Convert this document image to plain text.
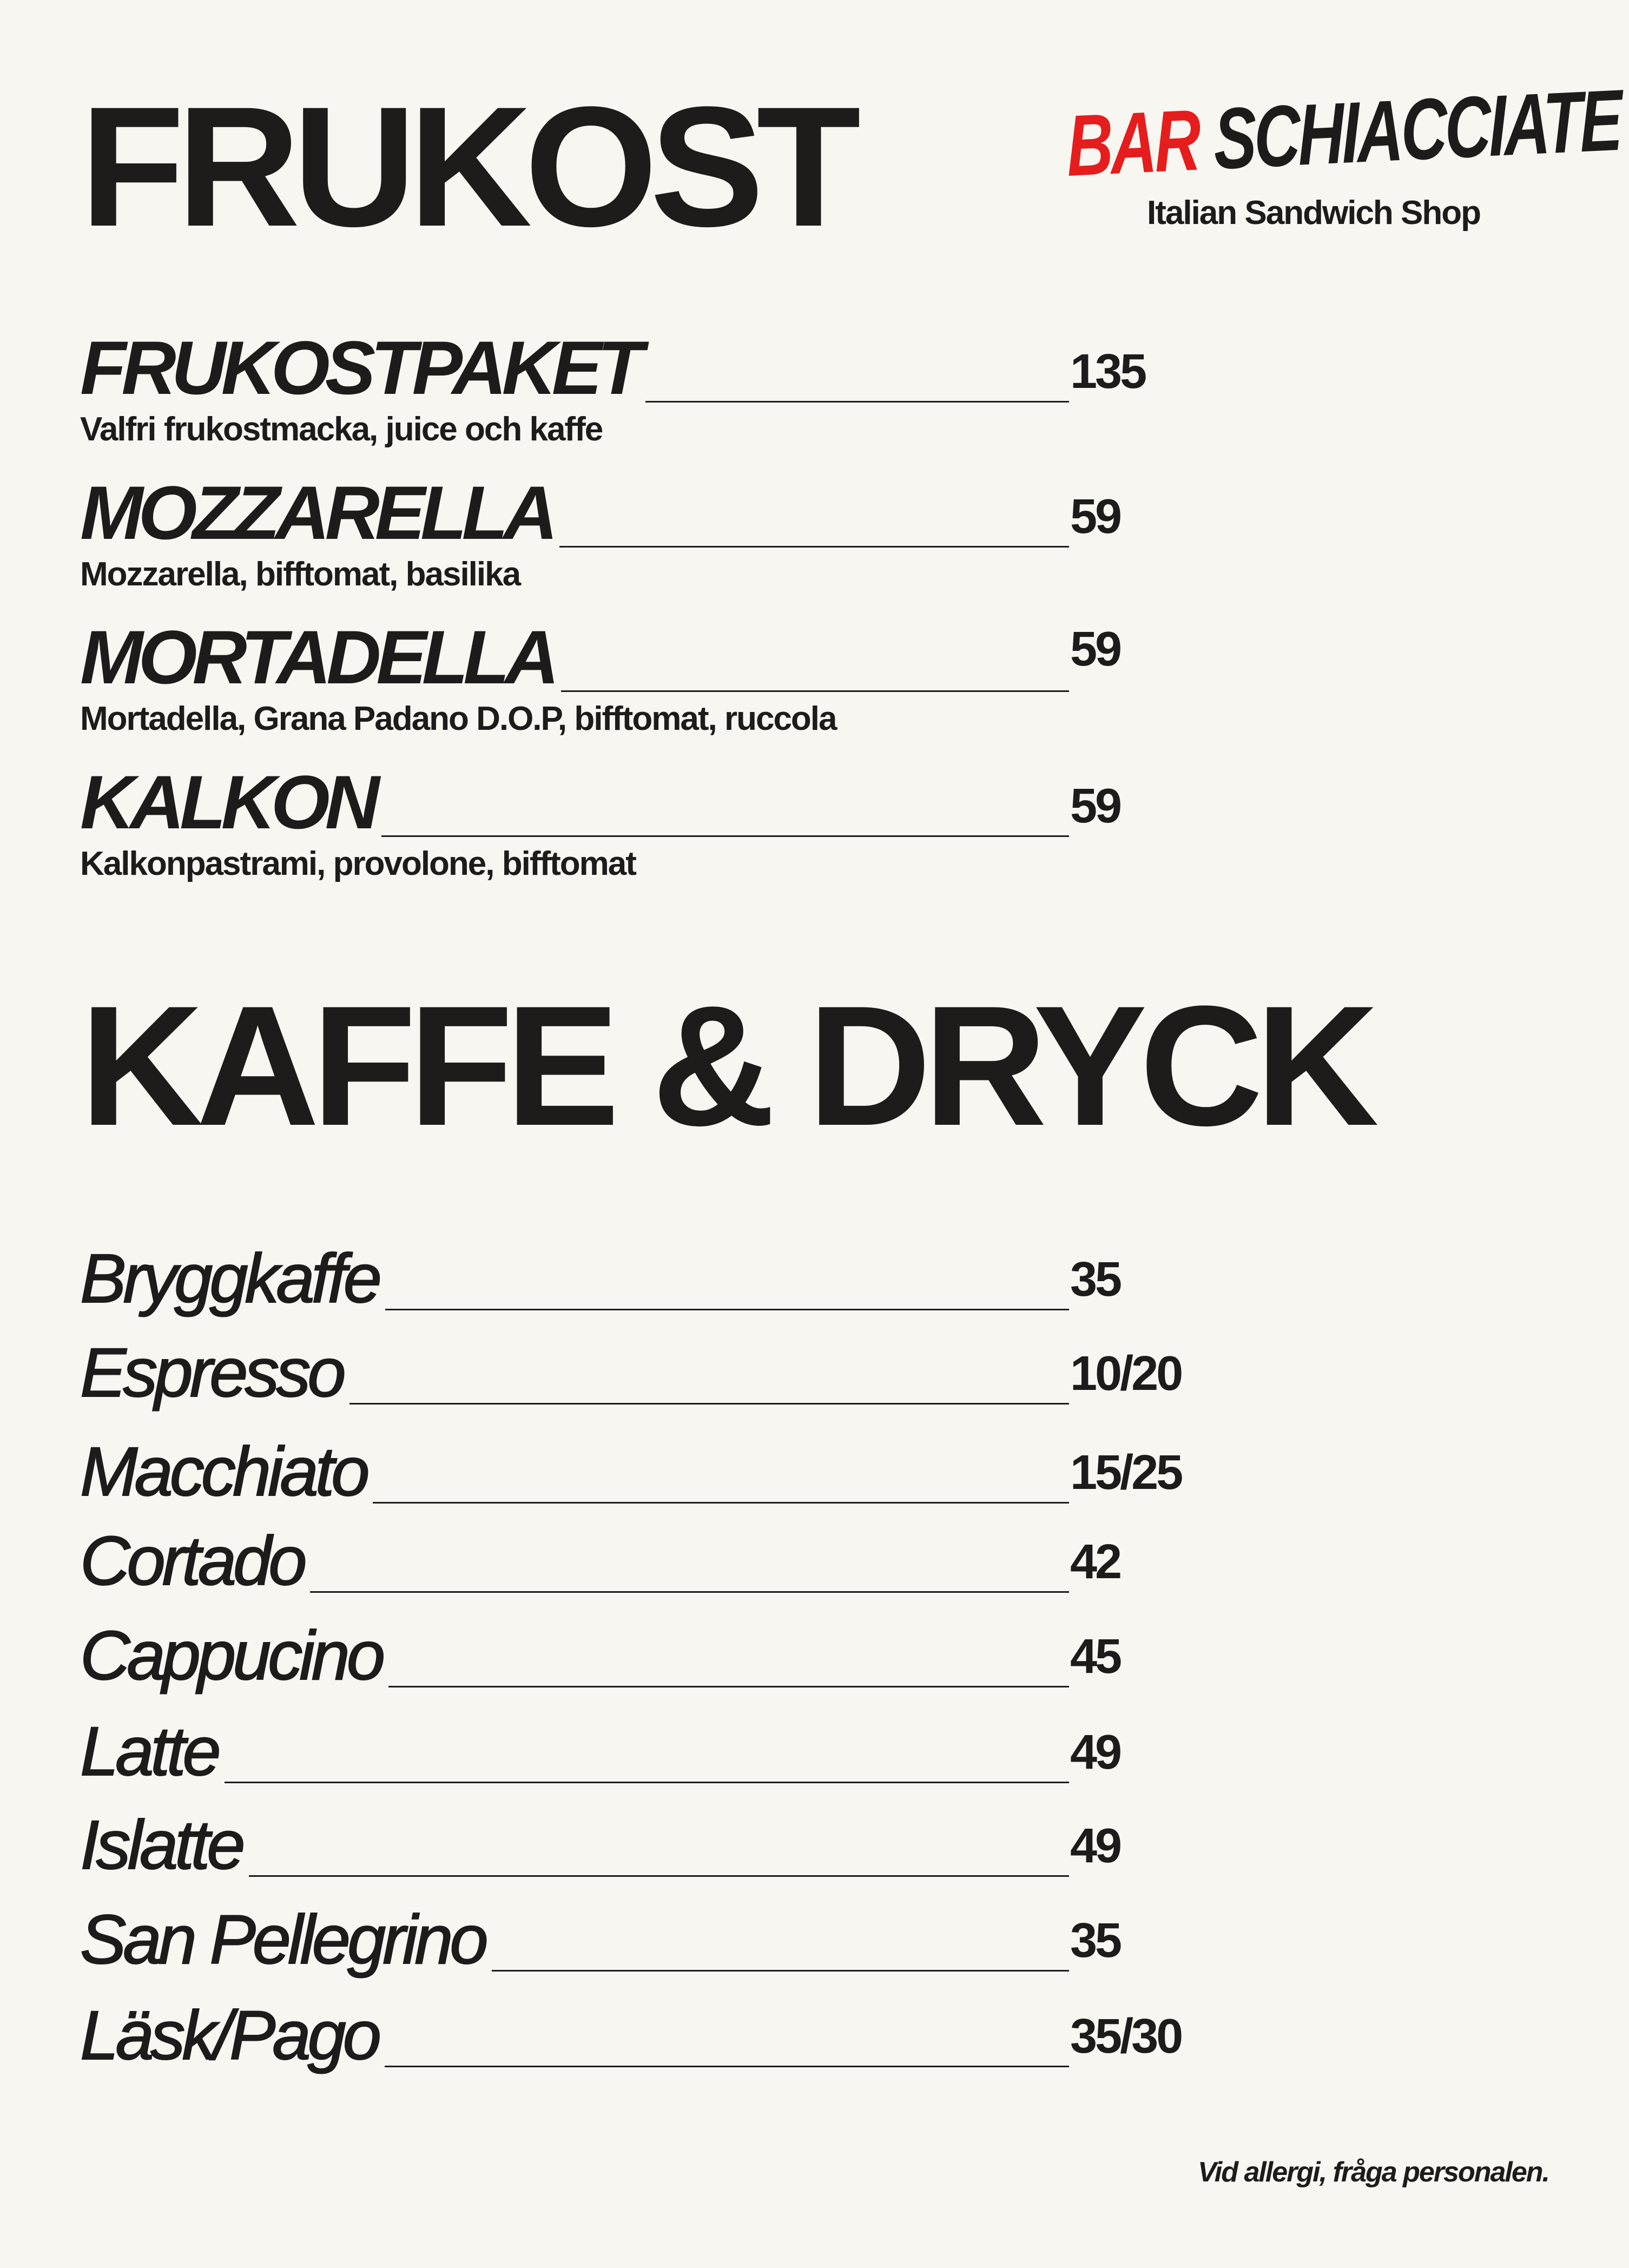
FRUKOST BAR SCHIACCIATE
Italian Sandwich Shop
FRUKOSTPAKET	135
Valfri frukostmacka, juice och kaffe
MOZZARELLA	59
Mozzarella, bifftomat, basilika
MORTADELLA	59
Mortadella, Grana Padano D.O.P, bifftomat, ruccola
KALKON	59
Kalkonpastrami, provolone, bifftomat
KAFFE & DRYCK
Bryggkaffe	35
Espresso	10/20
Macchiato	15/25
Cortado	42
Cappucino	45
Latte	49
Islatte	49
San Pellegrino	35
Läsk/Pago	35/30
Vid allergi, fråga personalen.
